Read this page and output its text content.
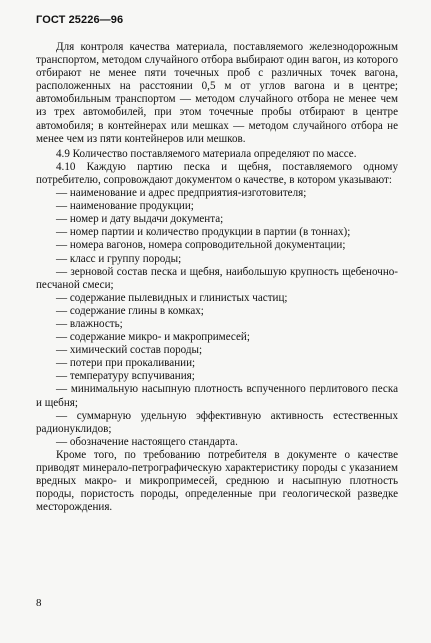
ГОСТ 25226—96

Для контроля качества материала, поставляемого железнодорожным транспортом, методом случайного отбора выбирают один вагон, из которого отбирают не менее пяти точечных проб с различных точек вагона, расположенных на расстоянии 0,5 м от углов вагона и в центре; автомобильным транспортом — методом случайного отбора не менее чем из трех автомобилей, при этом точечные пробы отбирают в центре автомобиля; в контейнерах или мешках — методом случайного отбора не менее чем из пяти контейнеров или мешков.

4.9 Количество поставляемого материала определяют по массе.

4.10 Каждую партию песка и щебня, поставляемого одному потребителю, сопровождают документом о качестве, в котором указывают:

— наименование и адрес предприятия-изготовителя;

— наименование продукции;

— номер и дату выдачи документа;

— номер партии и количество продукции в партии (в тоннах);

— номера вагонов, номера сопроводительной документации;

— класс и группу породы;

— зерновой состав песка и щебня, наибольшую крупность щебеночно-песчаной смеси;

— содержание пылевидных и глинистых частиц;

— содержание глины в комках;

— влажность;

— содержание микро- и макропримесей;

— химический состав породы;

— потери при прокаливании;

— температуру вспучивания;

— минимальную насыпную плотность вспученного перлитового песка и щебня;

— суммарную удельную эффективную активность естественных радионуклидов;

— обозначение настоящего стандарта.

Кроме того, по требованию потребителя в документе о качестве приводят минерало-петрографическую характеристику породы с указанием вредных макро- и микропримесей, среднюю и насыпную плотность породы, пористость породы, определенные при геологической разведке месторождения.

8
